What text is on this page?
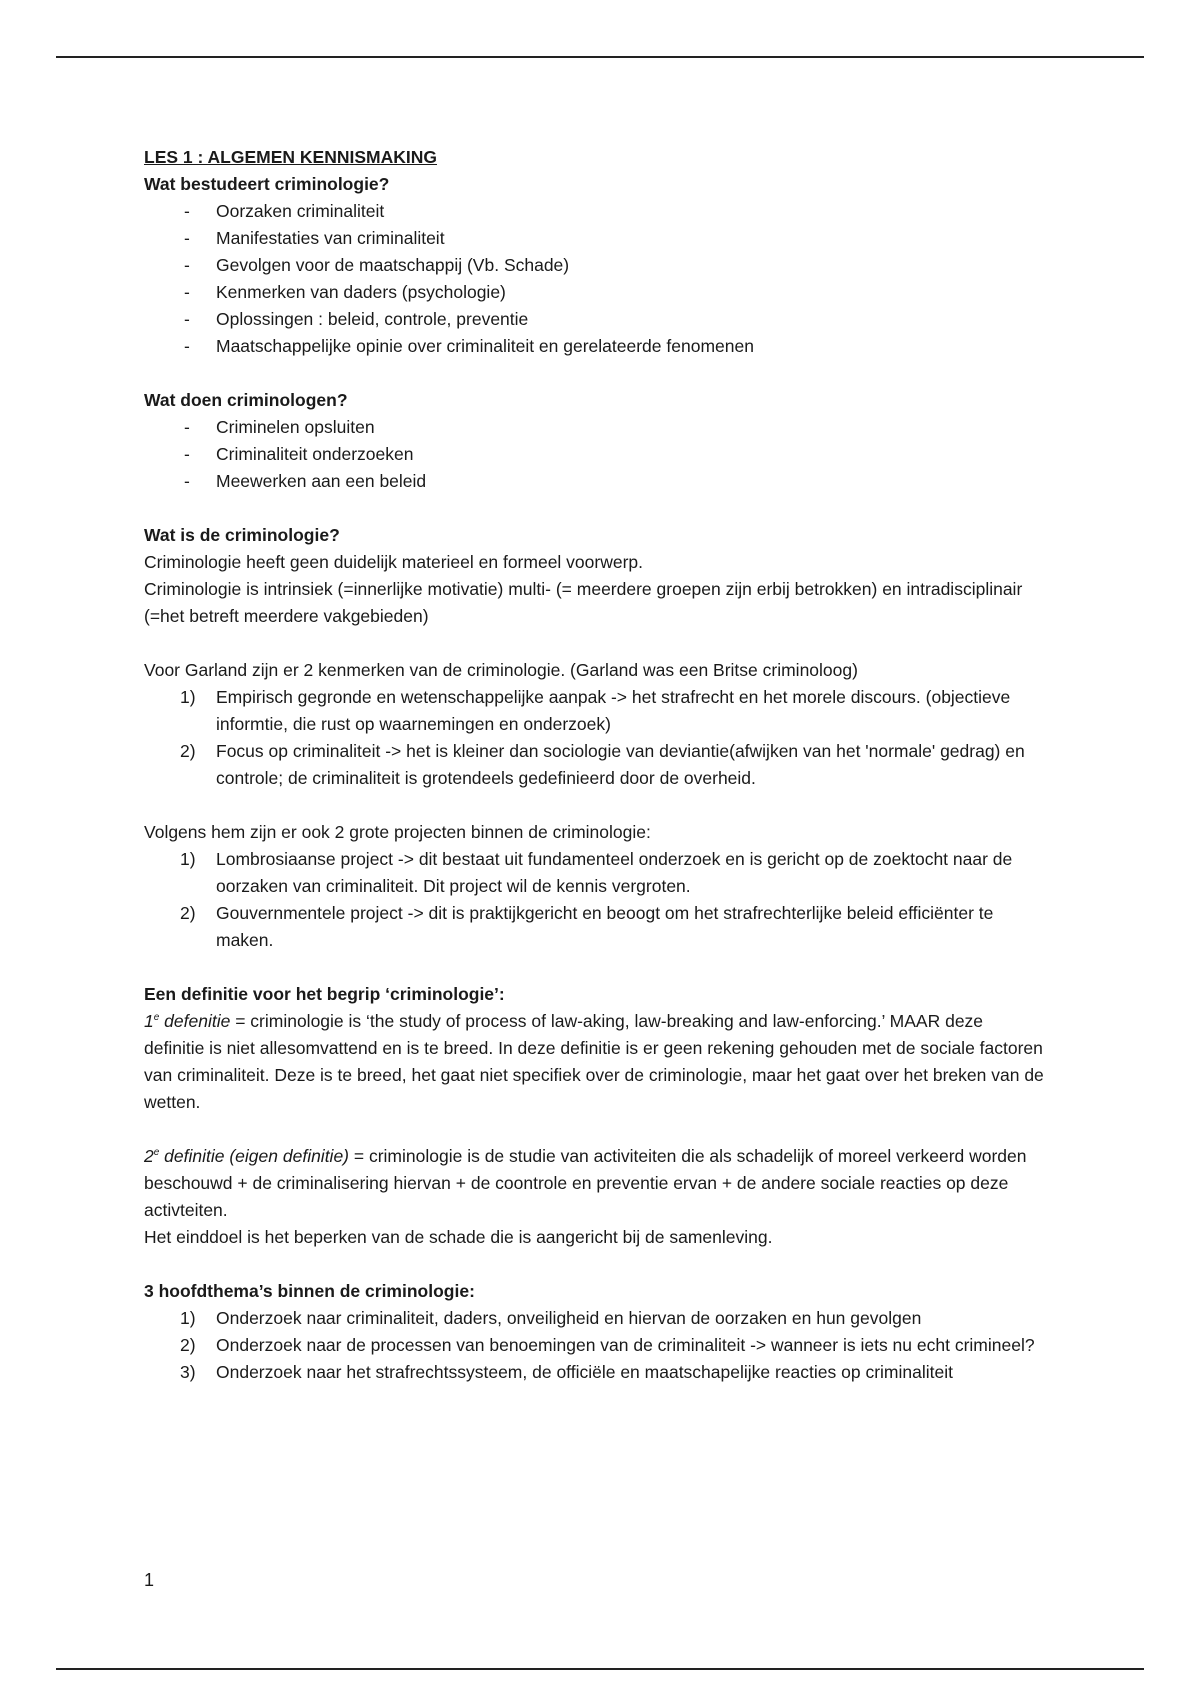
LES 1 : ALGEMEN KENNISMAKING

Wat bestudeert criminologie?

- Oorzaken criminaliteit
- Manifestaties van criminaliteit
- Gevolgen voor de maatschappij (Vb. Schade)
- Kenmerken van daders (psychologie)
- Oplossingen : beleid, controle, preventie
- Maatschappelijke opinie over criminaliteit en gerelateerde fenomenen

Wat doen criminologen?

- Criminelen opsluiten
- Criminaliteit onderzoeken
- Meewerken aan een beleid

Wat is de criminologie?

Criminologie heeft geen duidelijk materieel en formeel voorwerp.

Criminologie is intrinsiek (=innerlijke motivatie) multi- (= meerdere groepen zijn erbij betrokken) en intradisciplinair (=het betreft meerdere vakgebieden)

Voor Garland zijn er 2 kenmerken van de criminologie. (Garland was een Britse criminoloog)

1)	Empirisch gegronde en wetenschappelijke aanpak -> het strafrecht en het morele discours. (objectieve informtie, die rust op waarnemingen en onderzoek)
2)	Focus op criminaliteit -> het is kleiner dan sociologie van deviantie(afwijken van het 'normale' gedrag) en controle; de criminaliteit is grotendeels gedefinieerd door de overheid.

Volgens hem zijn er ook 2 grote projecten binnen de criminologie:

1)	Lombrosiaanse project -> dit bestaat uit fundamenteel onderzoek en is gericht op de zoektocht naar de oorzaken van criminaliteit. Dit project wil de kennis vergroten.
2)	Gouvernmentele project -> dit is praktijkgericht en beoogt om het strafrechterlijke beleid efficiënter te maken.

Een definitie voor het begrip ‘criminologie’:

1e defenitie = criminologie is ‘the study of process of law-aking, law-breaking and law-enforcing.’ MAAR deze definitie is niet allesomvattend en is te breed. In deze definitie is er geen rekening gehouden met de sociale factoren van criminaliteit. Deze is te breed, het gaat niet specifiek over de criminologie, maar het gaat over het breken van de wetten.

2e definitie (eigen definitie) = criminologie is de studie van activiteiten die als schadelijk of moreel verkeerd worden beschouwd + de criminalisering hiervan + de coontrole en preventie ervan + de andere sociale reacties op deze activteiten.

Het einddoel is het beperken van de schade die is aangericht bij de samenleving.

3 hoofdthema’s binnen de criminologie:

1)	Onderzoek naar criminaliteit, daders, onveiligheid en hiervan de oorzaken en hun gevolgen
2)	Onderzoek naar de processen van benoemingen van de criminaliteit -> wanneer is iets nu echt crimineel?
3)	Onderzoek naar het strafrechtssysteem, de officiële en maatschapelijke reacties op criminaliteit
1
